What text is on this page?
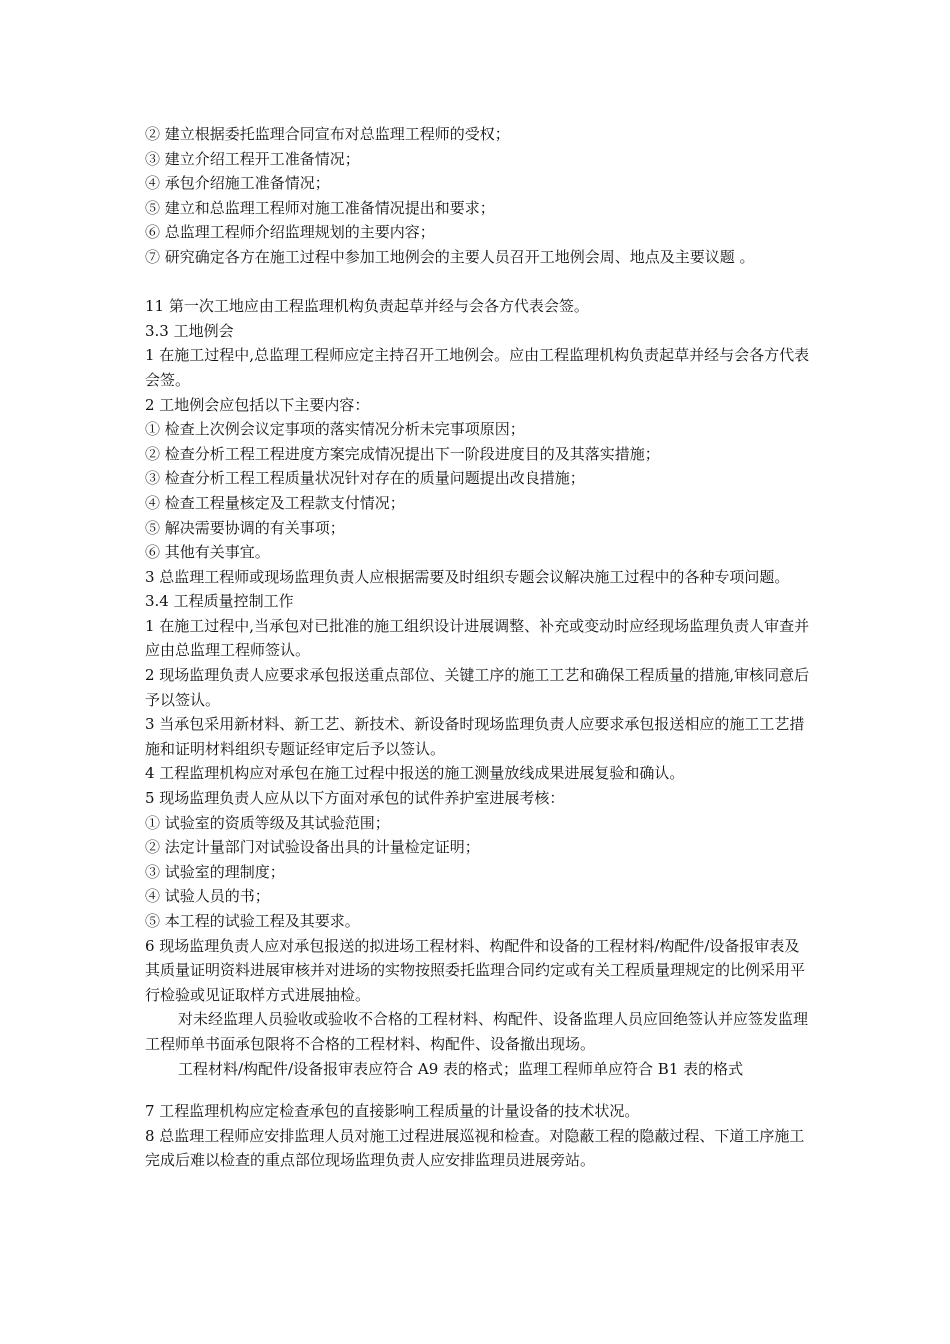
② 建立根据委托监理合同宣布对总监理工程师的受权；

③ 建立介绍工程开工准备情况；

④ 承包介绍施工准备情况；

⑤ 建立和总监理工程师对施工准备情况提出和要求；

⑥ 总监理工程师介绍监理规划的主要内容；

⑦ 研究确定各方在施工过程中参加工地例会的主要人员召开工地例会周、地点及主要议题 。

11 第一次工地应由工程监理机构负责起草并经与会各方代表会签。

3.3 工地例会

1 在施工过程中,总监理工程师应定主持召开工地例会。应由工程监理机构负责起草并经与会各方代表会签。

2 工地例会应包括以下主要内容：

① 检查上次例会议定事项的落实情况分析未完事项原因；

② 检查分析工程工程进度方案完成情况提出下一阶段进度目的及其落实措施；

③ 检查分析工程工程质量状况针对存在的质量问题提出改良措施；

④ 检查工程量核定及工程款支付情况；

⑤ 解决需要协调的有关事项；

⑥ 其他有关事宜。

3 总监理工程师或现场监理负责人应根据需要及时组织专题会议解决施工过程中的各种专项问题。

3.4 工程质量控制工作

1 在施工过程中,当承包对已批准的施工组织设计进展调整、补充或变动时应经现场监理负责人审查并应由总监理工程师签认。

2 现场监理负责人应要求承包报送重点部位、关键工序的施工工艺和确保工程质量的措施,审核同意后予以签认。

3 当承包采用新材料、新工艺、新技术、新设备时现场监理负责人应要求承包报送相应的施工工艺措施和证明材料组织专题证经审定后予以签认。

4 工程监理机构应对承包在施工过程中报送的施工测量放线成果进展复验和确认。

5 现场监理负责人应从以下方面对承包的试件养护室进展考核：

① 试验室的资质等级及其试验范围；

② 法定计量部门对试验设备出具的计量检定证明；

③ 试验室的理制度；

④ 试验人员的书；

⑤ 本工程的试验工程及其要求。

6 现场监理负责人应对承包报送的拟进场工程材料、构配件和设备的工程材料/构配件/设备报审表及其质量证明资料进展审核并对进场的实物按照委托监理合同约定或有关工程质量理规定的比例采用平行检验或见证取样方式进展抽检。

对未经监理人员验收或验收不合格的工程材料、构配件、设备监理人员应回绝签认并应签发监理工程师单书面承包限将不合格的工程材料、构配件、设备撤出现场。

工程材料/构配件/设备报审表应符合 A9 表的格式；监理工程师单应符合 B1 表的格式

7 工程监理机构应定检查承包的直接影响工程质量的计量设备的技术状况。

8 总监理工程师应安排监理人员对施工过程进展巡视和检查。对隐蔽工程的隐蔽过程、下道工序施工完成后难以检查的重点部位现场监理负责人应安排监理员进展旁站。
